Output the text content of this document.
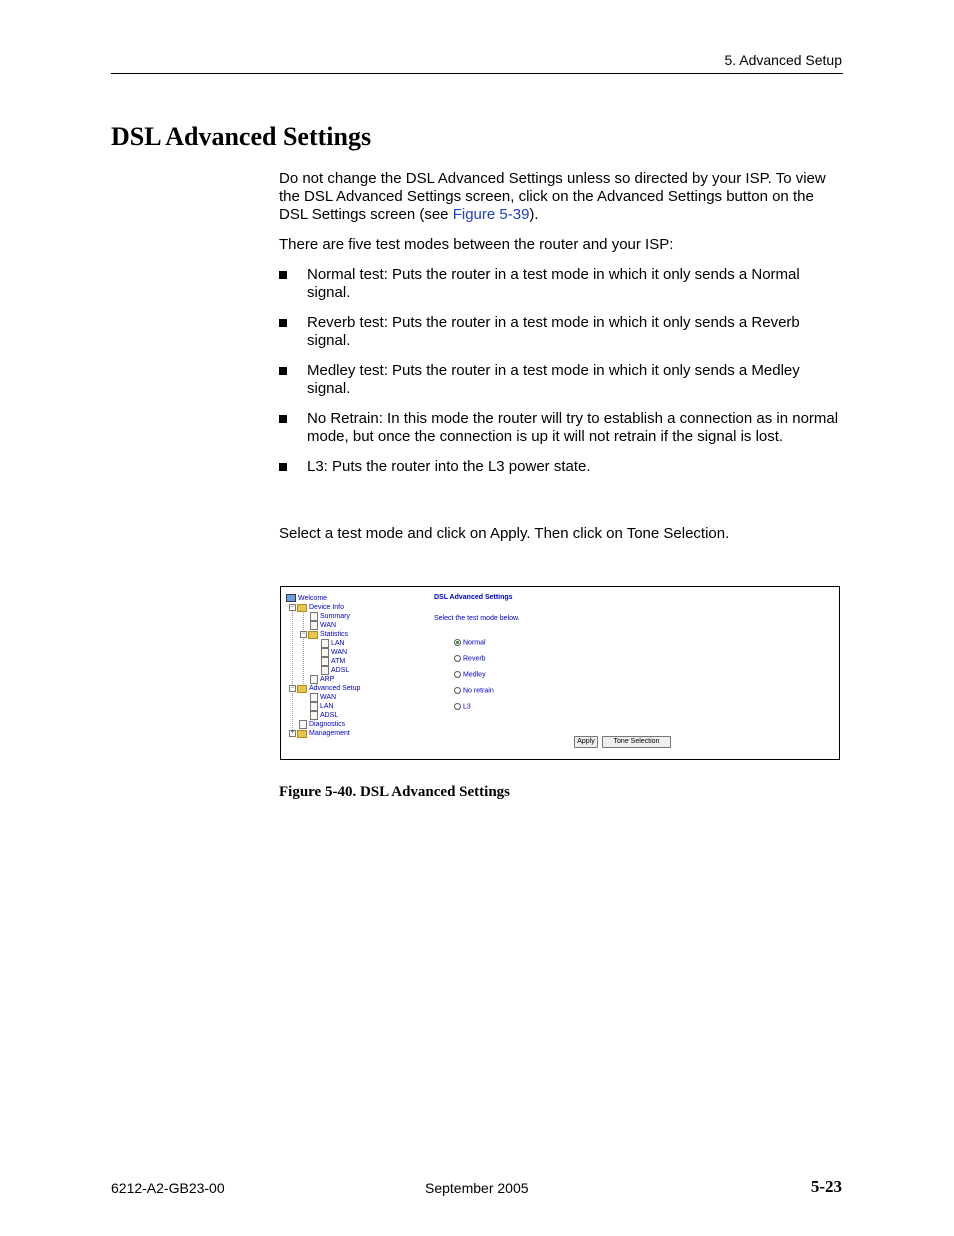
5. Advanced Setup
DSL Advanced Settings

Do not change the DSL Advanced Settings unless so directed by your ISP. To view the DSL Advanced Settings screen, click on the Advanced Settings button on the DSL Settings screen (see Figure 5-39).

There are five test modes between the router and your ISP:
Normal test: Puts the router in a test mode in which it only sends a Normal signal.
Reverb test: Puts the router in a test mode in which it only sends a Reverb signal.
Medley test: Puts the router in a test mode in which it only sends a Medley signal.
No Retrain: In this mode the router will try to establish a connection as in normal mode, but once the connection is up it will not retrain if the signal is lost.
L3: Puts the router into the L3 power state.
Select a test mode and click on Apply. Then click on Tone Selection.
Welcome
− Device Info
Summary
WAN
− Statistics
LAN
WAN
ATM
ADSL
ARP
− Advanced Setup
WAN
LAN
ADSL
Diagnostics
+ Management
DSL Advanced Settings
Select the test mode below.
Normal
Reverb
Medley
No retrain
L3
Apply	Tone Selection

Figure 5-40. DSL Advanced Settings

6212-A2-GB23-00	September 2005	5-23
